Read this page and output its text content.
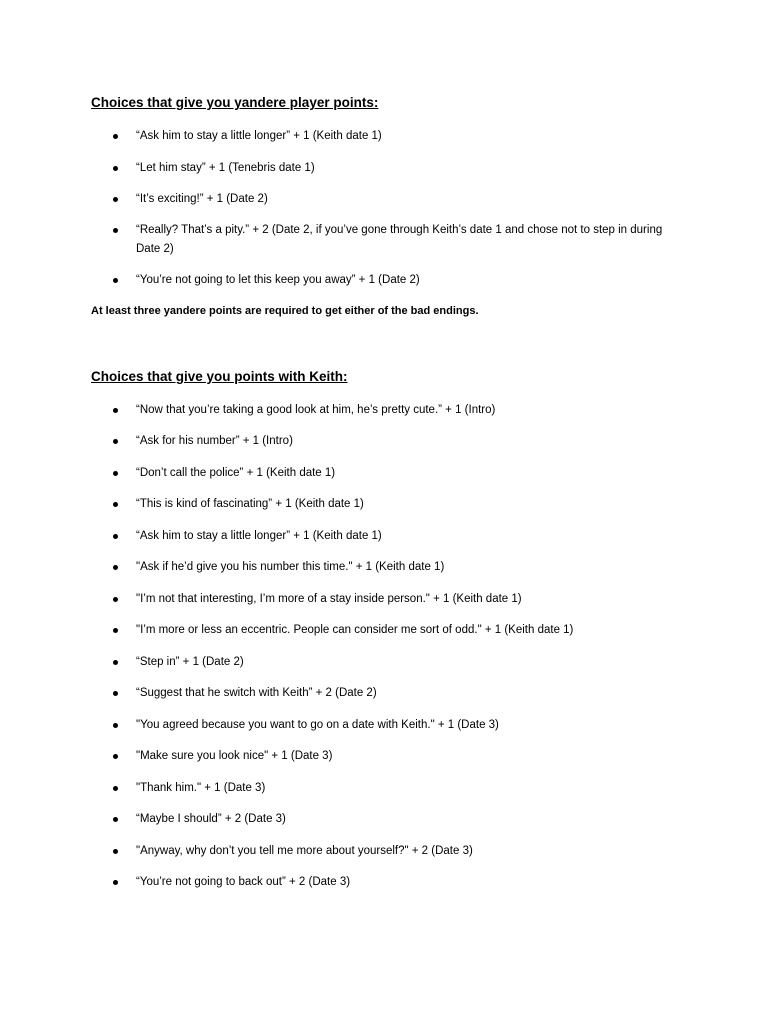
Choices that give you yandere player points:
“Ask him to stay a little longer” + 1 (Keith date 1)
“Let him stay” + 1 (Tenebris date 1)
“It’s exciting!” + 1 (Date 2)
“Really? That’s a pity.” + 2 (Date 2, if you’ve gone through Keith’s date 1 and chose not to step in during Date 2)
“You’re not going to let this keep you away” + 1 (Date 2)

At least three yandere points are required to get either of the bad endings.

Choices that give you points with Keith:
“Now that you’re taking a good look at him, he’s pretty cute.” + 1 (Intro)
“Ask for his number” + 1 (Intro)
“Don’t call the police” + 1 (Keith date 1)
“This is kind of fascinating” + 1 (Keith date 1)
“Ask him to stay a little longer” + 1 (Keith date 1)
"Ask if he’d give you his number this time." + 1 (Keith date 1)
"I’m not that interesting, I’m more of a stay inside person." + 1 (Keith date 1)
"I’m more or less an eccentric. People can consider me sort of odd." + 1 (Keith date 1)
“Step in” + 1 (Date 2)
“Suggest that he switch with Keith” + 2 (Date 2)
"You agreed because you want to go on a date with Keith." + 1 (Date 3)
"Make sure you look nice" + 1 (Date 3)
"Thank him." + 1 (Date 3)
“Maybe I should” + 2 (Date 3)
"Anyway, why don’t you tell me more about yourself?" + 2 (Date 3)
“You’re not going to back out” + 2 (Date 3)
